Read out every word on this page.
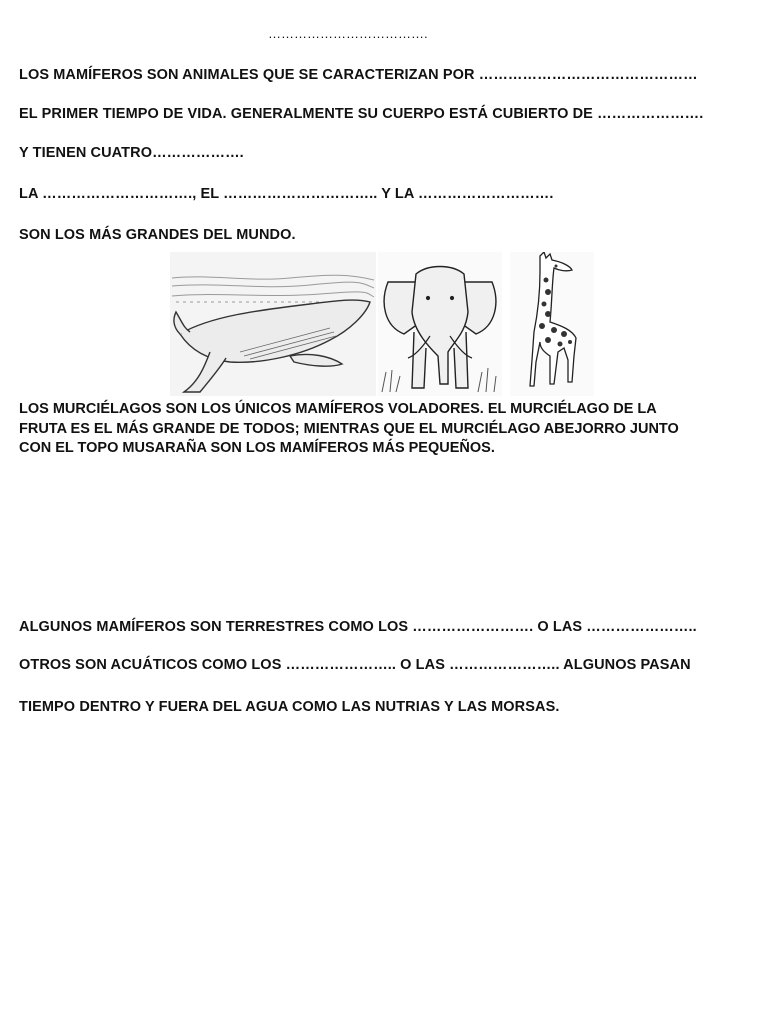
……………………………….
LOS MAMÍFEROS SON ANIMALES QUE SE CARACTERIZAN POR ………………………………………
EL PRIMER TIEMPO DE VIDA. GENERALMENTE SU CUERPO ESTÁ CUBIERTO DE ………………….
Y TIENEN CUATRO……………….
LA …………………………., EL ………………………….. Y LA ……………………….
SON LOS MÁS GRANDES DEL MUNDO.
LOS MURCIÉLAGOS SON LOS ÚNICOS MAMÍFEROS VOLADORES. EL MURCIÉLAGO DE LA
FRUTA ES EL MÁS GRANDE DE TODOS; MIENTRAS QUE EL MURCIÉLAGO ABEJORRO JUNTO
CON EL TOPO MUSARAÑA SON LOS MAMÍFEROS MÁS PEQUEÑOS.
ALGUNOS MAMÍFEROS SON TERRESTRES COMO LOS ……………………. O LAS …………………..
OTROS SON ACUÁTICOS COMO LOS ………………….. O LAS ………………….. ALGUNOS PASAN
TIEMPO DENTRO Y FUERA DEL AGUA COMO LAS NUTRIAS Y LAS MORSAS.
